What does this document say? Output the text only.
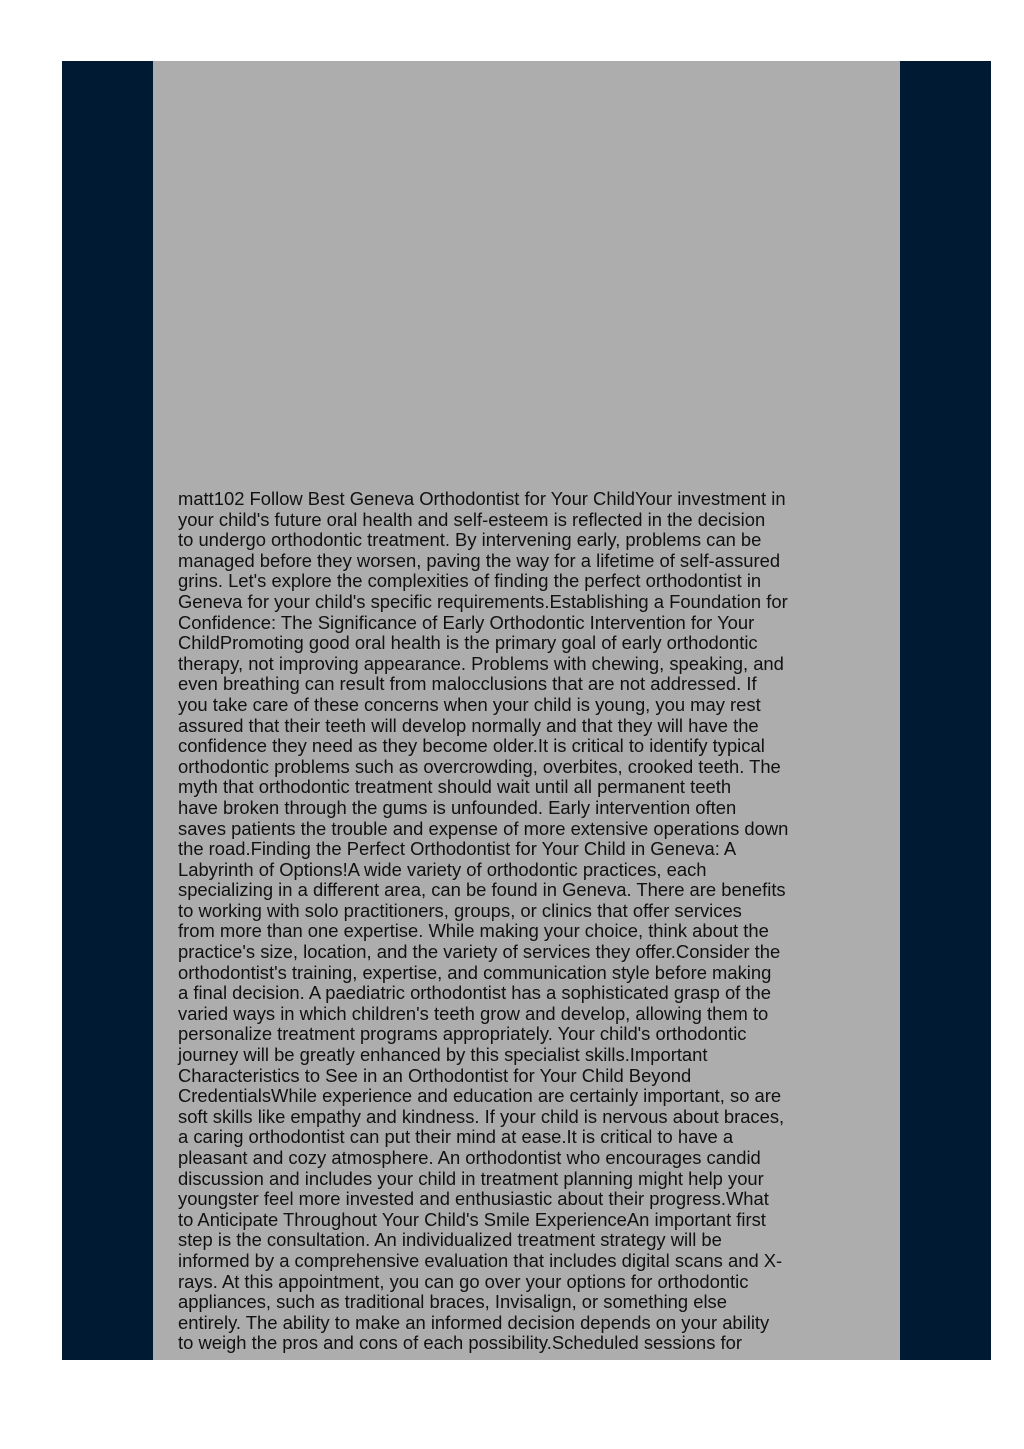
matt102 Follow Best Geneva Orthodontist for Your ChildYour investment in
your child's future oral health and self-esteem is reflected in the decision
to undergo orthodontic treatment. By intervening early, problems can be
managed before they worsen, paving the way for a lifetime of self-assured
grins. Let's explore the complexities of finding the perfect orthodontist in
Geneva for your child's specific requirements.Establishing a Foundation for
Confidence: The Significance of Early Orthodontic Intervention for Your
ChildPromoting good oral health is the primary goal of early orthodontic
therapy, not improving appearance. Problems with chewing, speaking, and
even breathing can result from malocclusions that are not addressed. If
you take care of these concerns when your child is young, you may rest
assured that their teeth will develop normally and that they will have the
confidence they need as they become older.It is critical to identify typical
orthodontic problems such as overcrowding, overbites, crooked teeth. The
myth that orthodontic treatment should wait until all permanent teeth
have broken through the gums is unfounded. Early intervention often
saves patients the trouble and expense of more extensive operations down
the road.Finding the Perfect Orthodontist for Your Child in Geneva: A
Labyrinth of Options!A wide variety of orthodontic practices, each
specializing in a different area, can be found in Geneva. There are benefits
to working with solo practitioners, groups, or clinics that offer services
from more than one expertise. While making your choice, think about the
practice's size, location, and the variety of services they offer.Consider the
orthodontist's training, expertise, and communication style before making
a final decision. A paediatric orthodontist has a sophisticated grasp of the
varied ways in which children's teeth grow and develop, allowing them to
personalize treatment programs appropriately. Your child's orthodontic
journey will be greatly enhanced by this specialist skills.Important
Characteristics to See in an Orthodontist for Your Child Beyond
CredentialsWhile experience and education are certainly important, so are
soft skills like empathy and kindness. If your child is nervous about braces,
a caring orthodontist can put their mind at ease.It is critical to have a
pleasant and cozy atmosphere. An orthodontist who encourages candid
discussion and includes your child in treatment planning might help your
youngster feel more invested and enthusiastic about their progress.What
to Anticipate Throughout Your Child's Smile ExperienceAn important first
step is the consultation. An individualized treatment strategy will be
informed by a comprehensive evaluation that includes digital scans and X-
rays. At this appointment, you can go over your options for orthodontic
appliances, such as traditional braces, Invisalign, or something else
entirely. The ability to make an informed decision depends on your ability
to weigh the pros and cons of each possibility.Scheduled sessions for
